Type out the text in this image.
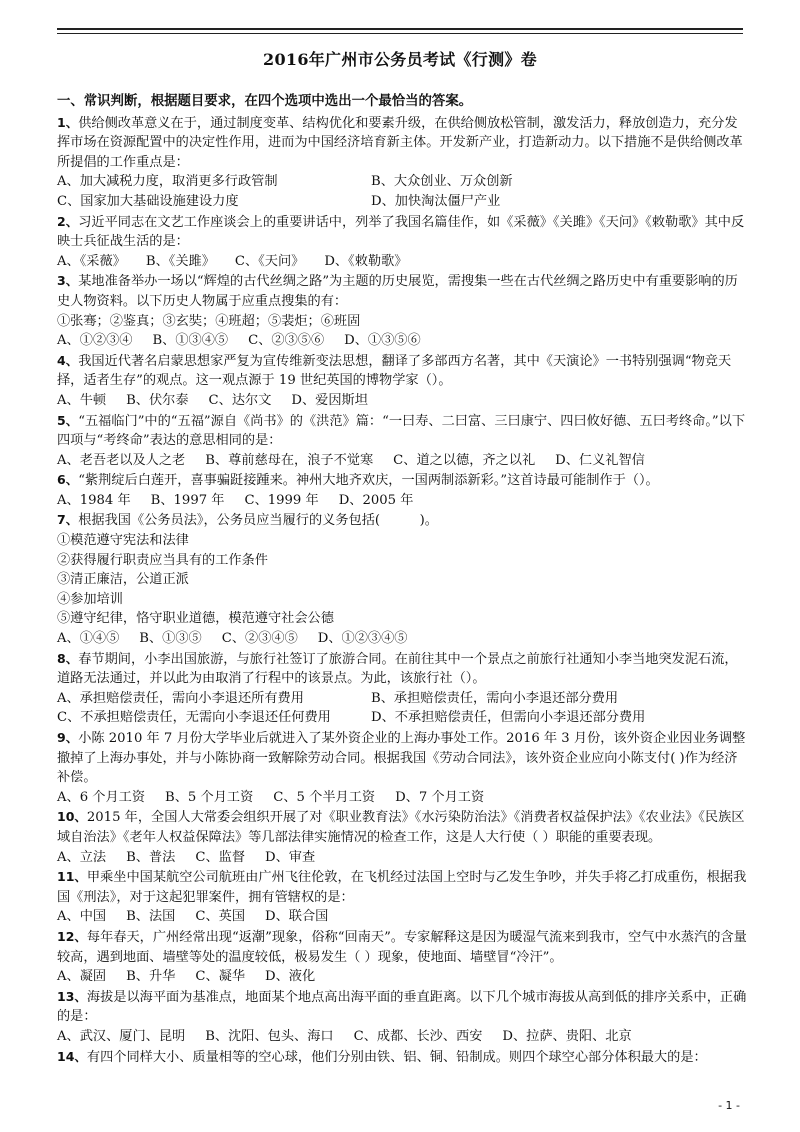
2016年广州市公务员考试《行测》卷
一、常识判断，根据题目要求，在四个选项中选出一个最恰当的答案。
1、供给侧改革意义在于，通过制度变革、结构优化和要素升级，在供给侧放松管制，激发活力，释放创造力，充分发挥市场在资源配置中的决定性作用，进而为中国经济培育新主体。开发新产业，打造新动力。以下措施不是供给侧改革所提倡的工作重点是：
A、加大减税力度，取消更多行政管制	B、大众创业、万众创新
C、国家加大基础设施建设力度	D、加快淘汰僵尸产业
2、习近平同志在文艺工作座谈会上的重要讲话中，列举了我国名篇佳作，如《采薇》《关雎》《天问》《敕勒歌》其中反映士兵征战生活的是：
A、《采薇》 B、《关雎》 C、《天问》 D、《敕勒歌》
3、某地准备举办一场以“辉煌的古代丝绸之路”为主题的历史展览，需搜集一些在古代丝绸之路历史中有重要影响的历史人物资料。以下历史人物属于应重点搜集的有：
①张骞；②鉴真；③玄奘；④班超；⑤裴炬；⑥班固
A、①②③④ B、①③④⑤ C、②③⑤⑥ D、①③⑤⑥
4、我国近代著名启蒙思想家严复为宣传维新变法思想，翻译了多部西方名著，其中《天演论》一书特别强调“物竞天择，适者生存”的观点。这一观点源于 19 世纪英国的博物学家（）。
A、牛顿 B、伏尔泰 C、达尔文 D、爱因斯坦
5、“五福临门”中的“五福”源自《尚书》的《洪范》篇：“一曰寿、二曰富、三曰康宁、四曰攸好德、五曰考终命。”以下四项与“考终命”表达的意思相同的是：
A、老吾老以及人之老 B、尊前慈母在，浪子不觉寒 C、道之以德，齐之以礼 D、仁义礼智信
6、“紫荆绽后白莲开，喜事骗跹接踵来。神州大地齐欢庆，一国两制添新彩。”这首诗最可能制作于（）。
A、1984 年 B、1997 年 C、1999 年 D、2005 年
7、根据我国《公务员法》，公务员应当履行的义务包括(　　　)。
①模范遵守宪法和法律
②获得履行职责应当具有的工作条件
③清正廉洁，公道正派
④参加培训
⑤遵守纪律，恪守职业道德，模范遵守社会公德
A、①④⑤ B、①③⑤ C、②③④⑤ D、①②③④⑤
8、春节期间，小李出国旅游，与旅行社签订了旅游合同。在前往其中一个景点之前旅行社通知小李当地突发泥石流，道路无法通过，并以此为由取消了行程中的该景点。为此，该旅行社（）。
A、承担赔偿责任，需向小李退还所有费用	B、承担赔偿责任，需向小李退还部分费用
C、不承担赔偿责任，无需向小李退还任何费用	D、不承担赔偿责任，但需向小李退还部分费用
9、小陈 2010 年 7 月份大学毕业后就进入了某外资企业的上海办事处工作。2016 年 3 月份，该外资企业因业务调整撤掉了上海办事处，并与小陈协商一致解除劳动合同。根据我国《劳动合同法》，该外资企业应向小陈支付( )作为经济补偿。
A、6 个月工资 B、5 个月工资 C、5 个半月工资 D、7 个月工资
10、2015 年，全国人大常委会组织开展了对《职业教育法》《水污染防治法》《消费者权益保护法》《农业法》《民族区域自治法》《老年人权益保障法》等几部法律实施情况的检查工作，这是人大行使（ ）职能的重要表现。
A、立法 B、普法 C、监督 D、审查
11、甲乘坐中国某航空公司航班由广州飞往伦敦，在飞机经过法国上空时与乙发生争吵，并失手将乙打成重伤，根据我国《刑法》，对于这起犯罪案件，拥有管辖权的是：
A、中国 B、法国 C、英国 D、联合国
12、每年春天，广州经常出现“返潮”现象，俗称“回南天”。专家解释这是因为暖湿气流来到我市，空气中水蒸汽的含量较高，遇到地面、墙壁等处的温度较低，极易发生（ ）现象，使地面、墙壁冒“冷汗”。
A、凝固 B、升华 C、凝华 D、液化
13、海拔是以海平面为基准点，地面某个地点高出海平面的垂直距离。以下几个城市海拔从高到低的排序关系中，正确的是：
A、武汉、厦门、昆明 B、沈阳、包头、海口 C、成都、长沙、西安 D、拉萨、贵阳、北京
14、有四个同样大小、质量相等的空心球，他们分别由铁、铝、铜、铅制成。则四个球空心部分体积最大的是：
- 1 -
